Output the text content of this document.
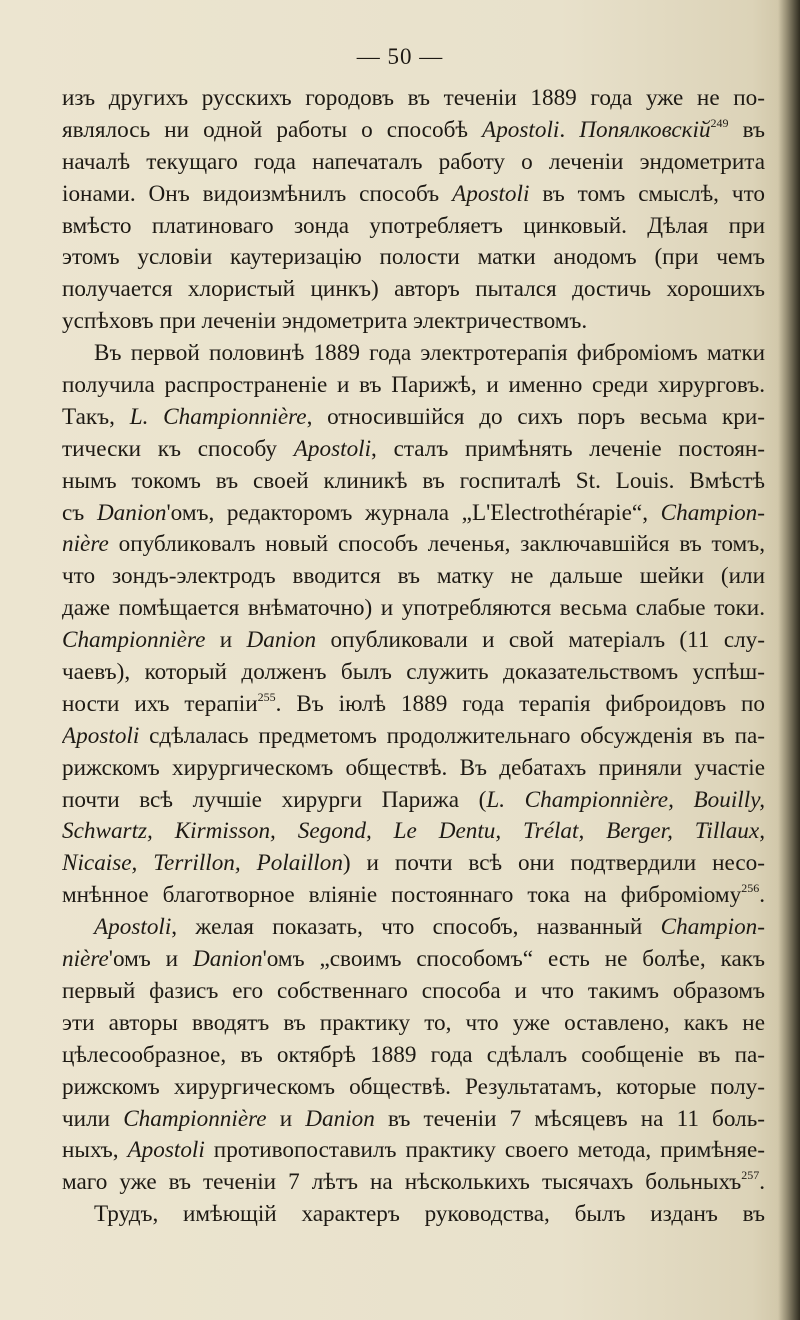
— 50 —
изъ другихъ русскихъ городовъ въ теченіи 1889 года уже не по-
являлось ни одной работы о способѣ Apostoli. Попялковскій$^{249}$ въ
началѣ текущаго года напечаталъ работу о леченіи эндометрита
іонами. Онъ видоизмѣнилъ способъ Apostoli въ томъ смыслѣ, что
вмѣсто платиноваго зонда употребляетъ цинковый. Дѣлая при
этомъ условіи каутеризацію полости матки анодомъ (при чемъ
получается хлористый цинкъ) авторъ пытался достичь хорошихъ
успѣховъ при леченіи эндометрита электричествомъ.
Въ первой половинѣ 1889 года электротерапія фиброміомъ матки
получила распространеніе и въ Парижѣ, и именно среди хирурговъ.
Такъ, L. Championnière, относившійся до сихъ поръ весьма кри-
тически къ способу Apostoli, сталъ примѣнять леченіе постоян-
нымъ токомъ въ своей клиникѣ въ госпиталѣ St. Louis. Вмѣстѣ
съ Danion'омъ, редакторомъ журнала „L'Electrothérapie“, Champion-
nière опубликовалъ новый способъ леченья, заключавшійся въ томъ,
что зондъ-электродъ вводится въ матку не дальше шейки (или
даже помѣщается внѣматочно) и употребляются весьма слабые токи.
Championnière и Danion опубликовали и свой матеріалъ (11 слу-
чаевъ), который долженъ былъ служить доказательствомъ успѣш-
ности ихъ терапіи$^{255}$. Въ іюлѣ 1889 года терапія фиброидовъ по
Apostoli сдѣлалась предметомъ продолжительнаго обсужденія въ па-
рижскомъ хирургическомъ обществѣ. Въ дебатахъ приняли участіе
почти всѣ лучшіе хирурги Парижа (L. Championnière, Bouilly,
Schwartz, Kirmisson, Segond, Le Dentu, Trélat, Berger, Tillaux,
Nicaise, Terrillon, Polaillon) и почти всѣ они подтвердили несо-
мнѣнное благотворное вліяніе постояннаго тока на фиброміому$^{256}$.
Apostoli, желая показать, что способъ, названный Champion-
nière'омъ и Danion'омъ „своимъ способомъ“ есть не болѣе, какъ
первый фазисъ его собственнаго способа и что такимъ образомъ
эти авторы вводятъ въ практику то, что уже оставлено, какъ не
цѣлесообразное, въ октябрѣ 1889 года сдѣлалъ сообщеніе въ па-
рижскомъ хирургическомъ обществѣ. Результатамъ, которые полу-
чили Championnière и Danion въ теченіи 7 мѣсяцевъ на 11 боль-
ныхъ, Apostoli противопоставилъ практику своего метода, примѣняе-
маго уже въ теченіи 7 лѣтъ на нѣсколькихъ тысячахъ больныхъ$^{257}$.
Трудъ, имѣющій характеръ руководства, былъ изданъ въ
